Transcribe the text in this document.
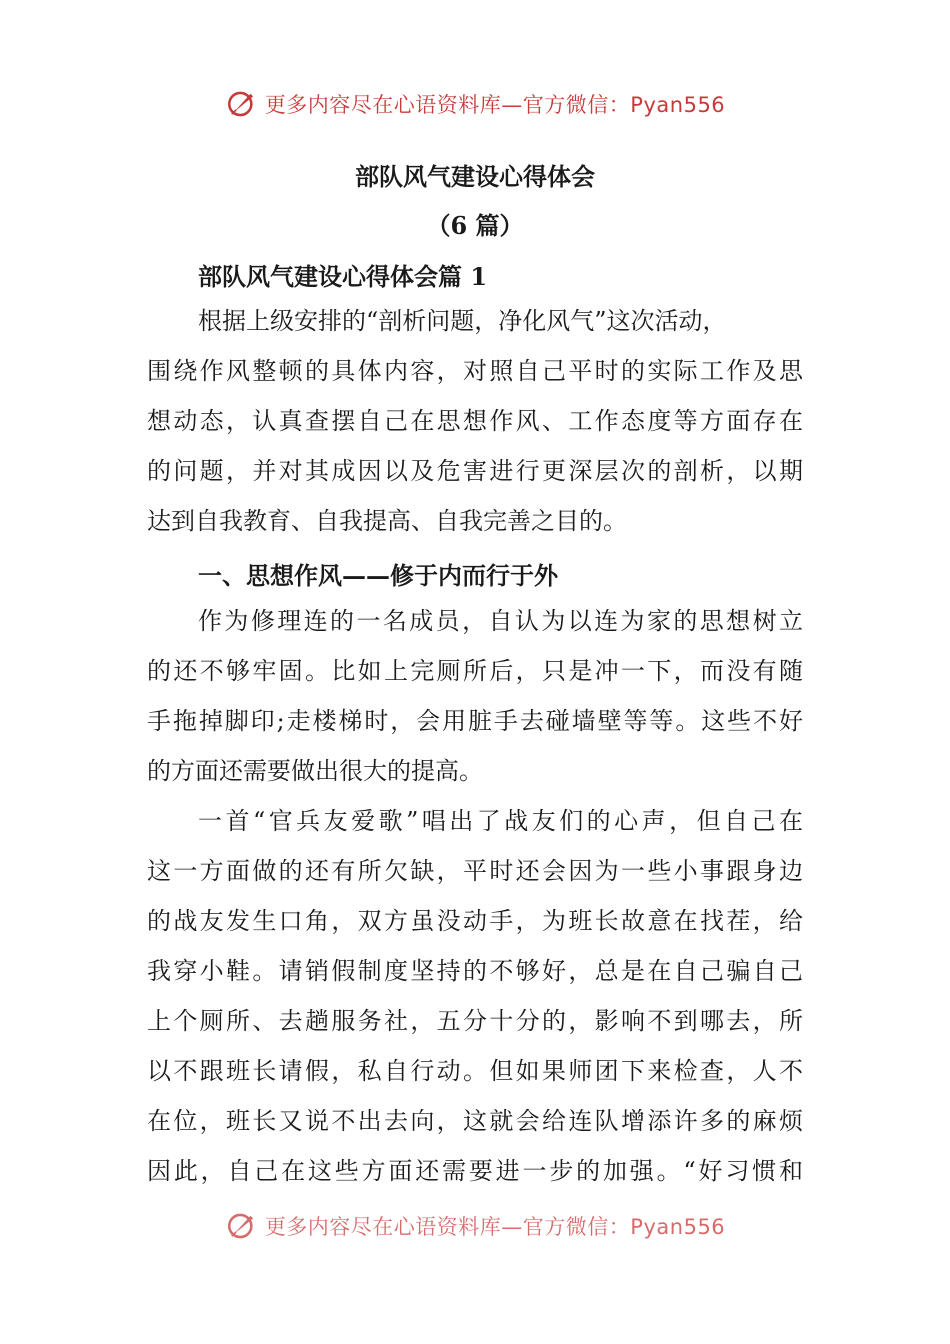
更多内容尽在心语资料库—官方微信：Pyan556
部队风气建设心得体会
（6 篇）
部队风气建设心得体会篇 1
根据上级安排的“剖析问题，净化风气”这次活动，
围绕作风整顿的具体内容，对照自己平时的实际工作及思
想动态，认真查摆自己在思想作风、工作态度等方面存在
的问题，并对其成因以及危害进行更深层次的剖析，以期
达到自我教育、自我提高、自我完善之目的。
一、思想作风——修于内而行于外
作为修理连的一名成员，自认为以连为家的思想树立
的还不够牢固。比如上完厕所后，只是冲一下，而没有随
手拖掉脚印;走楼梯时，会用脏手去碰墙壁等等。这些不好
的方面还需要做出很大的提高。
一首“官兵友爱歌”唱出了战友们的心声，但自己在
这一方面做的还有所欠缺，平时还会因为一些小事跟身边
的战友发生口角，双方虽没动手，为班长故意在找茬，给
我穿小鞋。请销假制度坚持的不够好，总是在自己骗自己
上个厕所、去趟服务社，五分十分的，影响不到哪去，所
以不跟班长请假，私自行动。但如果师团下来检查，人不
在位，班长又说不出去向，这就会给连队增添许多的麻烦
因此，自己在这些方面还需要进一步的加强。“好习惯和
更多内容尽在心语资料库—官方微信：Pyan556
